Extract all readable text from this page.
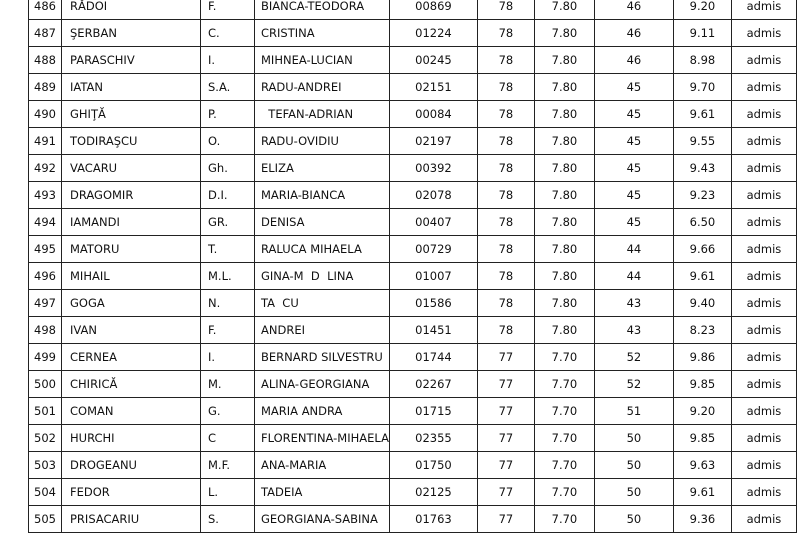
486	RĂDOI	F.	BIANCA-TEODORA	00869	78	7.80	46	9.20	admis
487	ŞERBAN	C.	CRISTINA	01224	78	7.80	46	9.11	admis
488	PARASCHIV	I.	MIHNEA-LUCIAN	00245	78	7.80	46	8.98	admis
489	IATAN	S.A.	RADU-ANDREI	02151	78	7.80	45	9.70	admis
490	GHIŢĂ	P.	TEFAN-ADRIAN	00084	78	7.80	45	9.61	admis
491	TODIRAŞCU	O.	RADU-OVIDIU	02197	78	7.80	45	9.55	admis
492	VACARU	Gh.	ELIZA	00392	78	7.80	45	9.43	admis
493	DRAGOMIR	D.I.	MARIA-BIANCA	02078	78	7.80	45	9.23	admis
494	IAMANDI	GR.	DENISA	00407	78	7.80	45	6.50	admis
495	MATORU	T.	RALUCA MIHAELA	00729	78	7.80	44	9.66	admis
496	MIHAIL	M.L.	GINA-M  D  LINA	01007	78	7.80	44	9.61	admis
497	GOGA	N.	TA  CU	01586	78	7.80	43	9.40	admis
498	IVAN	F.	ANDREI	01451	78	7.80	43	8.23	admis
499	CERNEA	I.	BERNARD SILVESTRU	01744	77	7.70	52	9.86	admis
500	CHIRICĂ	M.	ALINA-GEORGIANA	02267	77	7.70	52	9.85	admis
501	COMAN	G.	MARIA ANDRA	01715	77	7.70	51	9.20	admis
502	HURCHI	C	FLORENTINA-MIHAELA	02355	77	7.70	50	9.85	admis
503	DROGEANU	M.F.	ANA-MARIA	01750	77	7.70	50	9.63	admis
504	FEDOR	L.	TADEIA	02125	77	7.70	50	9.61	admis
505	PRISACARIU	S.	GEORGIANA-SABINA	01763	77	7.70	50	9.36	admis
